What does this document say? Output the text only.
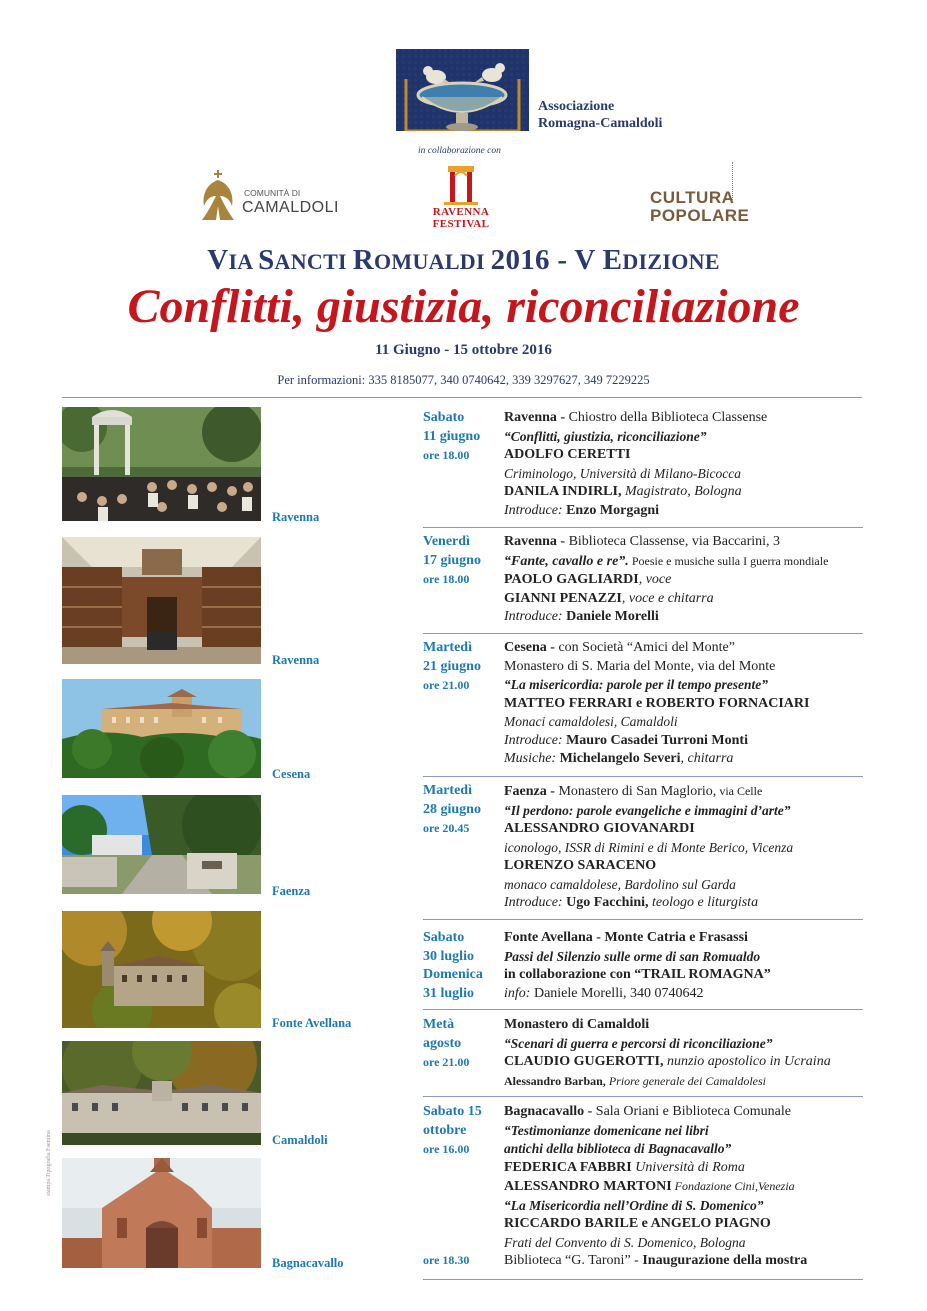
Associazione
Romagna-Camaldoli
in collaborazione con
COMUNITÀ DI
CAMALDOLI	RAVENNA
FESTIVAL
CULTURA
POPOLARE
VIA SANCTI ROMUALDI 2016 - V EDIZIONE
Conflitti, giustizia, riconciliazione
11 Giugno - 15 ottobre 2016
Per informazioni: 335 8185077, 340 0740642, 339 3297627, 349 7229225
Ravenna
Ravenna
Cesena
Faenza
Fonte Avellana
Camaldoli
Bagnacavallo
stampa Tipografia Faentina
Sabato
11 giugno
ore 18.00
Ravenna - Chiostro della Biblioteca Classense
“Conflitti, giustizia, riconciliazione”
ADOLFO CERETTI
Criminologo, Università di Milano-Bicocca
DANILA INDIRLI, Magistrato, Bologna
Introduce: Enzo Morgagni
Venerdì
17 giugno
ore 18.00
Ravenna - Biblioteca Classense, via Baccarini, 3
“Fante, cavallo e re”. Poesie e musiche sulla I guerra mondiale
PAOLO GAGLIARDI, voce
GIANNI PENAZZI, voce e chitarra
Introduce: Daniele Morelli
Martedì
21 giugno
ore 21.00
Cesena - con Società “Amici del Monte”
Monastero di S. Maria del Monte, via del Monte
“La misericordia: parole per il tempo presente”
MATTEO FERRARI e ROBERTO FORNACIARI
Monaci camaldolesi, Camaldoli
Introduce: Mauro Casadei Turroni Monti
Musiche: Michelangelo Severi, chitarra
Martedì
28 giugno
ore 20.45
Faenza - Monastero di San Maglorio, via Celle
“Il perdono: parole evangeliche e immagini d’arte”
ALESSANDRO GIOVANARDI
iconologo, ISSR di Rimini e di Monte Berico, Vicenza
LORENZO SARACENO
monaco camaldolese, Bardolino sul Garda
Introduce: Ugo Facchini, teologo e liturgista
Sabato
30 luglio
Domenica
31 luglio
Fonte Avellana - Monte Catria e Frasassi
Passi del Silenzio sulle orme di san Romualdo
in collaborazione con “TRAIL ROMAGNA”
info: Daniele Morelli, 340 0740642
Metà
agosto
ore 21.00
Monastero di Camaldoli
“Scenari di guerra e percorsi di riconciliazione”
CLAUDIO GUGEROTTI, nunzio apostolico in Ucraina
Alessandro Barban, Priore generale dei Camaldolesi
Sabato 15
ottobre
ore 16.00
ore 18.30
Bagnacavallo - Sala Oriani e Biblioteca Comunale
“Testimonianze domenicane nei libri
antichi della biblioteca di Bagnacavallo”
FEDERICA FABBRI Università di Roma
ALESSANDRO MARTONI Fondazione Cini,Venezia
“La Misericordia nell’Ordine di S. Domenico”
RICCARDO BARILE e ANGELO PIAGNO
Frati del Convento di S. Domenico, Bologna
Biblioteca “G. Taroni” - Inaugurazione della mostra
